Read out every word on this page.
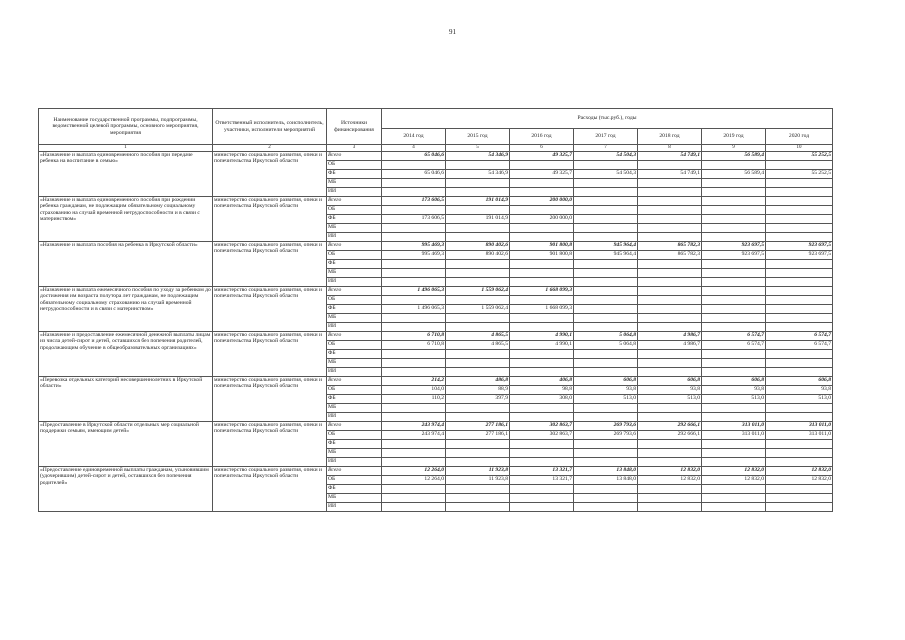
91
Наименование государственной программы, подпрограммы, ведомственной целевой программы, основного мероприятия, мероприятия	Ответственный исполнитель, соисполнитель, участники, исполнители мероприятий	Источники финансирования	Расходы (тыс.руб.), годы						
			2014 год	2015 год	2016 год	2017 год	2018 год	2019 год	2020 год
1	2	3	4	5	6	7	8	9	10
«Назначение и выплата единовременного пособия при передаче ребенка на воспитание в семью»	министерство социального развития, опеки и попечительства Иркутской области	Всего	65 046,6	54 346,9	49 325,7	54 504,3	54 749,1	56 589,4	55 252,5
		ОБ							
		ФБ	65 046,6	54 346,9	49 325,7	54 504,3	54 749,1	56 589,4	55 252,5
		МБ							
		ИИ							
«Назначение и выплата единовременного пособия при рождении ребенка гражданам, не подлежащим обязательному социальному страхованию на случай временной нетрудоспособности и в связи с материнством»	министерство социального развития, опеки и попечительства Иркутской области	Всего	173 606,5	191 014,9	200 000,0				
		ОБ							
		ФБ	173 606,5	191 014,9	200 000,0				
		МБ							
		ИИ							
«Назначение и выплата пособия на ребенка в Иркутской области»	министерство социального развития, опеки и попечительства Иркутской области	Всего	995 469,3	890 402,6	901 800,8	945 964,4	865 782,3	923 697,5	923 697,5
		ОБ	995 469,3	890 402,6	901 800,8	945 964,4	865 782,3	923 697,5	923 697,5
		ФБ							
		МБ							
		ИИ							
«Назначение и выплата ежемесячного пособия по уходу за ребенком до достижения им возраста полутора лет гражданам, не подлежащим обязательному социальному страхованию на случай временной нетрудоспособности и в связи с материнством»	министерство социального развития, опеки и попечительства Иркутской области	Всего	1 496 065,3	1 559 062,4	1 668 099,3				
		ОБ							
		ФБ	1 496 065,3	1 559 062,4	1 668 099,3				
		МБ							
		ИИ							
«Назначение и предоставление ежемесячной денежной выплаты лицам из числа детей-сирот и детей, оставшихся без попечения родителей, продолжающим обучение в общеобразовательных организациях»	министерство социального развития, опеки и попечительства Иркутской области	Всего	6 710,8	4 865,5	4 990,1	5 064,8	4 986,7	6 574,7	6 574,7
		ОБ	6 710,8	4 865,5	4 990,1	5 064,8	4 986,7	6 574,7	6 574,7
		ФБ							
		МБ							
		ИИ							
«Перевозка отдельных категорий несовершеннолетних в Иркутской области»	министерство социального развития, опеки и попечительства Иркутской области	Всего	214,2	486,8	406,8	606,8	606,8	606,8	606,8
		ОБ	104,0	88,9	98,8	93,8	93,8	93,8	93,8
		ФБ	110,2	397,9	308,0	513,0	513,0	513,0	513,0
		МБ							
		ИИ							
«Предоставление в Иркутской области отдельных мер социальной поддержки семьям, имеющим детей»	министерство социального развития, опеки и попечительства Иркутской области	Всего	243 974,4	277 186,1	302 863,7	269 793,6	292 666,1	313 011,0	313 011,0
		ОБ	243 974,4	277 186,1	302 863,7	269 793,6	292 666,1	313 011,0	313 011,0
		ФБ							
		МБ							
		ИИ							
«Предоставление единовременной выплаты гражданам, усыновившим (удочерившим) детей-сирот и детей, оставшихся без попечения родителей»	министерство социального развития, опеки и попечительства Иркутской области	Всего	12 264,0	11 923,8	13 321,7	13 848,0	12 832,0	12 832,0	12 832,0
		ОБ	12 264,0	11 923,8	13 321,7	13 848,0	12 832,0	12 832,0	12 832,0
		ФБ							
		МБ							
		ИИ							
